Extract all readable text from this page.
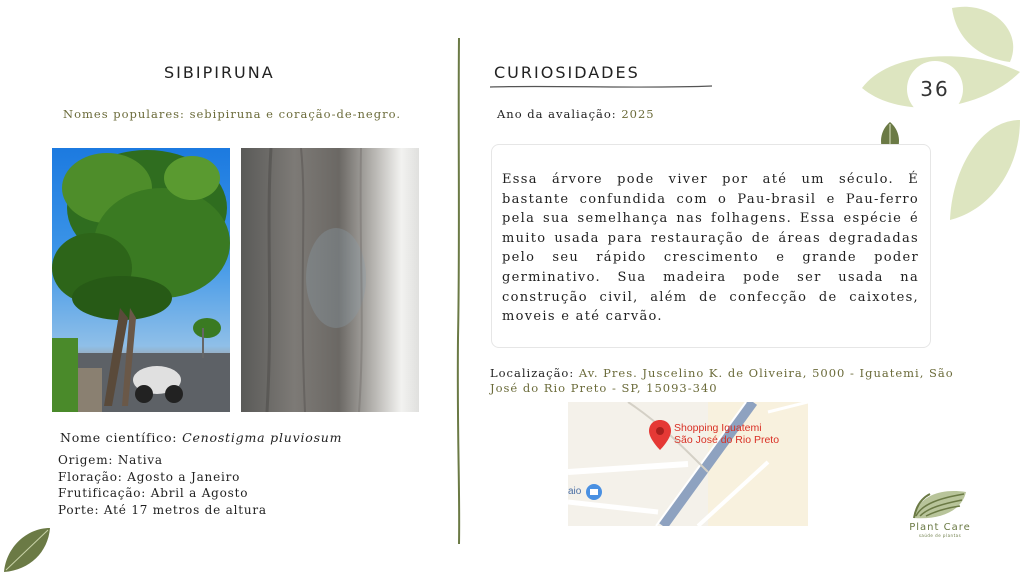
36
SIBIPIRUNA
Nomes populares: sebipiruna e coração-de-negro.
Nome científico: Cenostigma pluviosum
Origem: Nativa
Floração: Agosto a Janeiro
Frutificação: Abril a Agosto
Porte: Até 17 metros de altura
CURIOSIDADES
Ano da avaliação: 2025
Essa árvore pode viver por até um século. É bastante confundida com o Pau-brasil e Pau-ferro pela sua semelhança nas folhagens. Essa espécie é muito usada para restauração de áreas degradadas pelo seu rápido crescimento e grande poder germinativo. Sua madeira pode ser usada na construção civil, além de confecção de caixotes, moveis e até carvão.
Localização: Av. Pres. Juscelino K. de Oliveira, 5000 - Iguatemi, São José do Rio Preto - SP, 15093-340
Shopping Iguatemi
São José do Rio Preto
aio
Plant Care
saúde de plantas
